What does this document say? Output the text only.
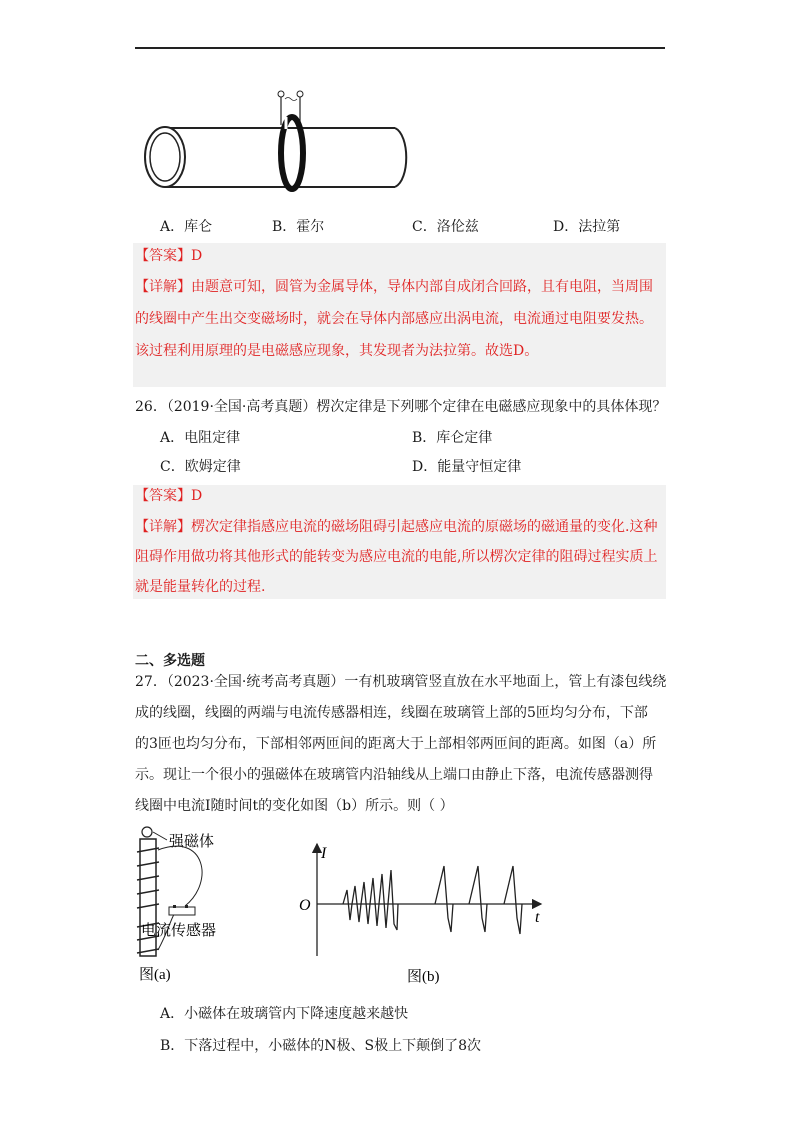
A．库仑	B．霍尔	C．洛伦兹	D．法拉第
【答案】D
【详解】由题意可知，圆管为金属导体，导体内部自成闭合回路，且有电阻，当周围
的线圈中产生出交变磁场时，就会在导体内部感应出涡电流，电流通过电阻要发热。
该过程利用原理的是电磁感应现象，其发现者为法拉第。故选D。
26．（2019·全国·高考真题）楞次定律是下列哪个定律在电磁感应现象中的具体体现？
A．电阻定律	B．库仑定律
C．欧姆定律	D．能量守恒定律
【答案】D
【详解】楞次定律指感应电流的磁场阻碍引起感应电流的原磁场的磁通量的变化.这种
阻碍作用做功将其他形式的能转变为感应电流的电能,所以楞次定律的阻碍过程实质上
就是能量转化的过程.
二、多选题
27．（2023·全国·统考高考真题）一有机玻璃管竖直放在水平地面上，管上有漆包线绕
成的线圈，线圈的两端与电流传感器相连，线圈在玻璃管上部的5匝均匀分布，下部
的3匝也均匀分布，下部相邻两匝间的距离大于上部相邻两匝间的距离。如图（a）所
示。现让一个很小的强磁体在玻璃管内沿轴线从上端口由静止下落，电流传感器测得
线圈中电流I随时间t的变化如图（b）所示。则（ ）
强磁体
电流传感器
图(a)
I
t
O
图(b)
A．小磁体在玻璃管内下降速度越来越快
B．下落过程中，小磁体的N极、S极上下颠倒了8次
